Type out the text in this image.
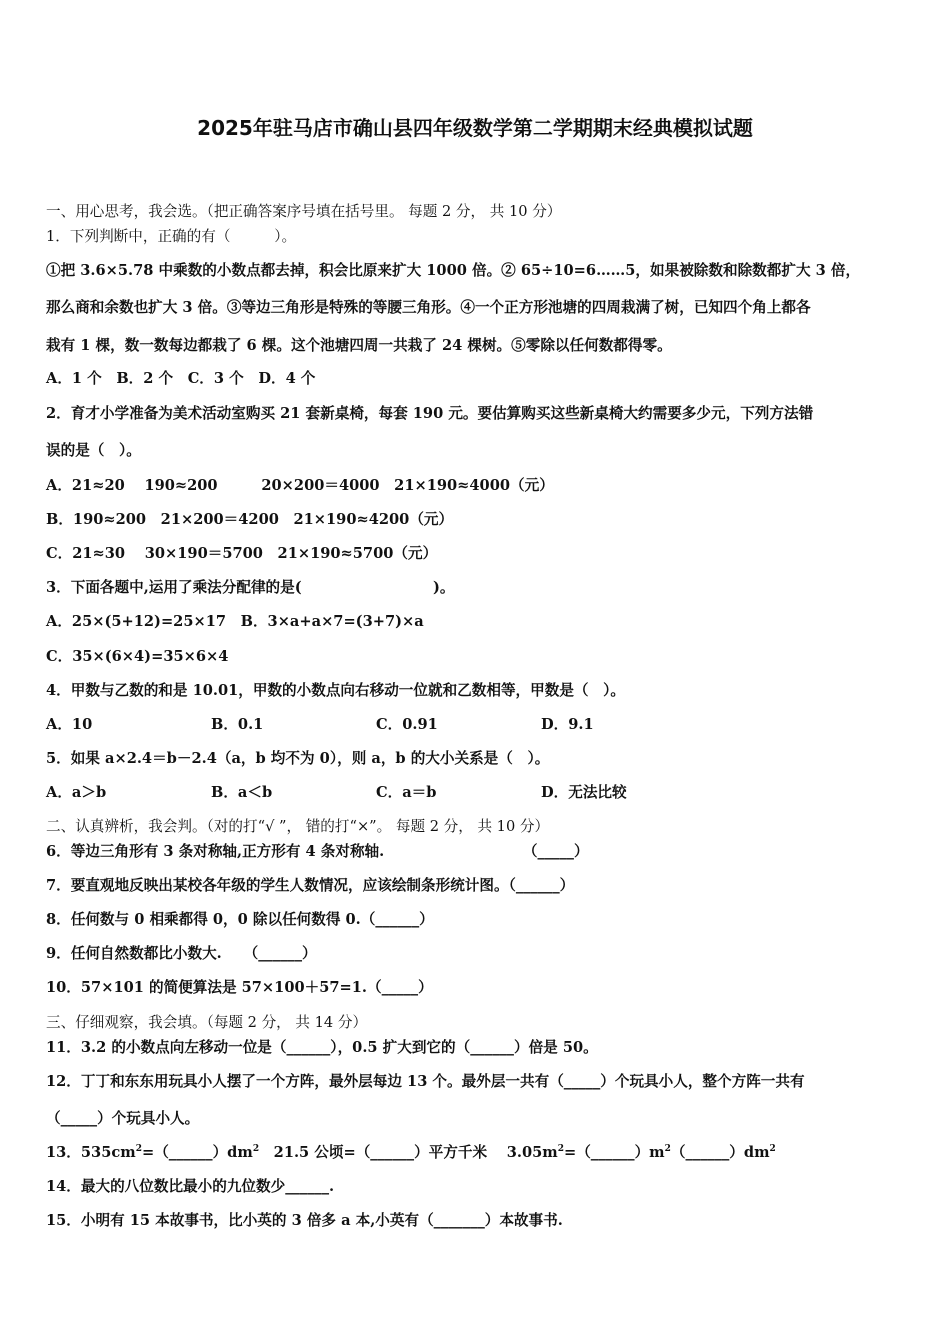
2025年驻马店市确山县四年级数学第二学期期末经典模拟试题
一、用心思考，我会选。（把正确答案序号填在括号里。 每题 2 分， 共 10 分）
1．下列判断中，正确的有（　　　）。
①把 3.6×5.78 中乘数的小数点都去掉，积会比原来扩大 1000 倍。② 65÷10=6……5，如果被除数和除数都扩大 3 倍，
那么商和余数也扩大 3 倍。③等边三角形是特殊的等腰三角形。④一个正方形池塘的四周栽满了树，已知四个角上都各
栽有 1 棵，数一数每边都栽了 6 棵。这个池塘四周一共栽了 24 棵树。⑤零除以任何数都得零。
A．1 个　B．2 个　C．3 个　D．4 个
2．育才小学准备为美术活动室购买 21 套新桌椅，每套 190 元。要估算购买这些新桌椅大约需要多少元，下列方法错
误的是（　）。
A．21≈20　 190≈200　　　20×200＝4000　21×190≈4000（元）
B．190≈200　21×200＝4200　21×190≈4200（元）
C．21≈30　 30×190＝5700　21×190≈5700（元）
3．下面各题中,运用了乘法分配律的是(　　　　　　　　　)。
A．25×(5+12)=25×17　B．3×a+a×7=(3+7)×a
C．35×(6×4)=35×6×4
4．甲数与乙数的和是 10.01，甲数的小数点向右移动一位就和乙数相等，甲数是（　）。
A．10	B．0.1	C．0.91	D．9.1
5．如果 a×2.4＝b－2.4（a，b 均不为 0），则 a，b 的大小关系是（　）。
A．a＞b	B．a＜b	C．a＝b	D．无法比较
二、认真辨析，我会判。（对的打“√ ”， 错的打“×”。 每题 2 分， 共 10 分）
6．等边三角形有 3 条对称轴,正方形有 4 条对称轴.　　　　　　　　　　（_____）
7．要直观地反映出某校各年级的学生人数情况，应该绘制条形统计图。（______）
8．任何数与 0 相乘都得 0，0 除以任何数得 0.（______）
9．任何自然数都比小数大.　　（______）
10．57×101 的简便算法是 57×100＋57=1.（_____）
三、仔细观察，我会填。（每题 2 分， 共 14 分）
11．3.2 的小数点向左移动一位是（______），0.5 扩大到它的（______）倍是 50。
12．丁丁和东东用玩具小人摆了一个方阵，最外层每边 13 个。最外层一共有（_____）个玩具小人，整个方阵一共有
（_____）个玩具小人。
13．$535cm^2=(\_\_\_\_\_\_)dm^2$　21.5 公顷=（______）平方千米　 $3.05m^2=(\_\_\_\_\_\_)m^2(\_\_\_\_\_\_)dm^2$
14．最大的八位数比最小的九位数少______.
15．小明有 15 本故事书，比小英的 3 倍多 a 本,小英有（_______）本故事书.
